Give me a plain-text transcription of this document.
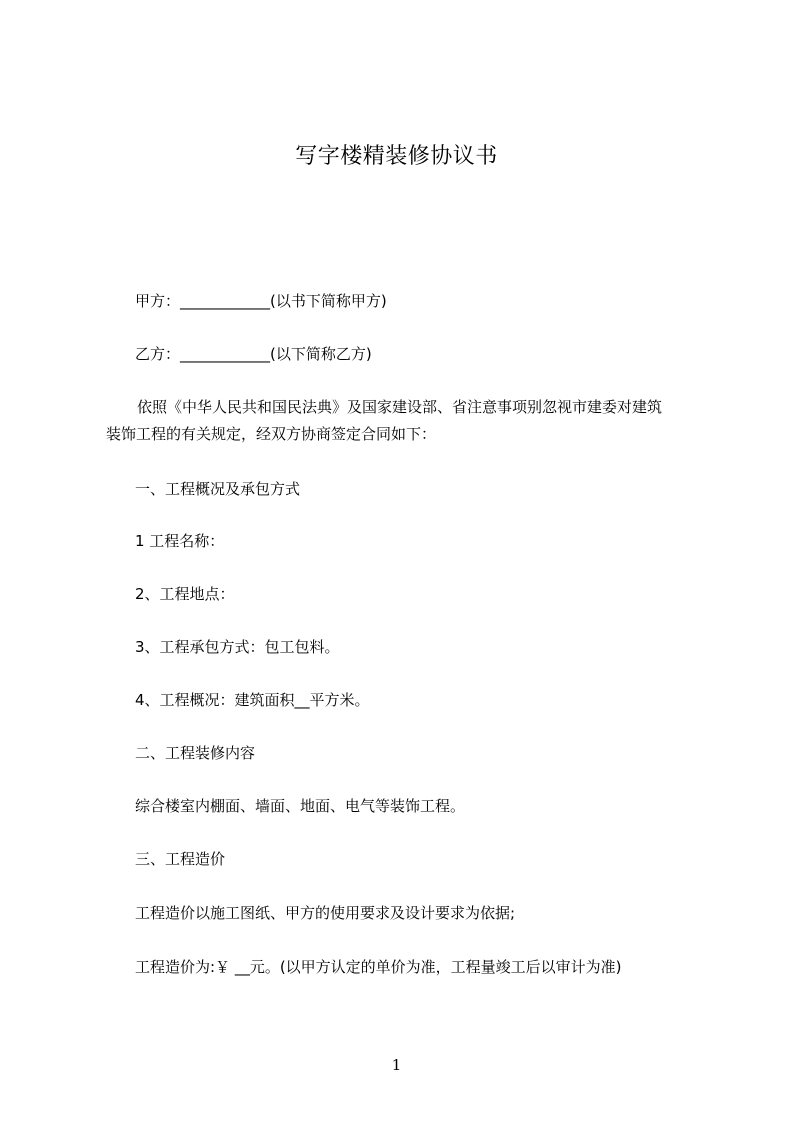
写字楼精装修协议书
甲方：____________(以书下简称甲方)
乙方：____________(以下简称乙方)
依照《中华人民共和国民法典》及国家建设部、省注意事项别忽视市建委对建筑
装饰工程的有关规定，经双方协商签定合同如下：
一、工程概况及承包方式
1 工程名称：
2、工程地点：
3、工程承包方式：包工包料。
4、工程概况：建筑面积__平方米。
二、工程装修内容
综合楼室内棚面、墙面、地面、电气等装饰工程。
三、工程造价
工程造价以施工图纸、甲方的使用要求及设计要求为依据;
工程造价为:￥ __元。(以甲方认定的单价为准，工程量竣工后以审计为准)
1
